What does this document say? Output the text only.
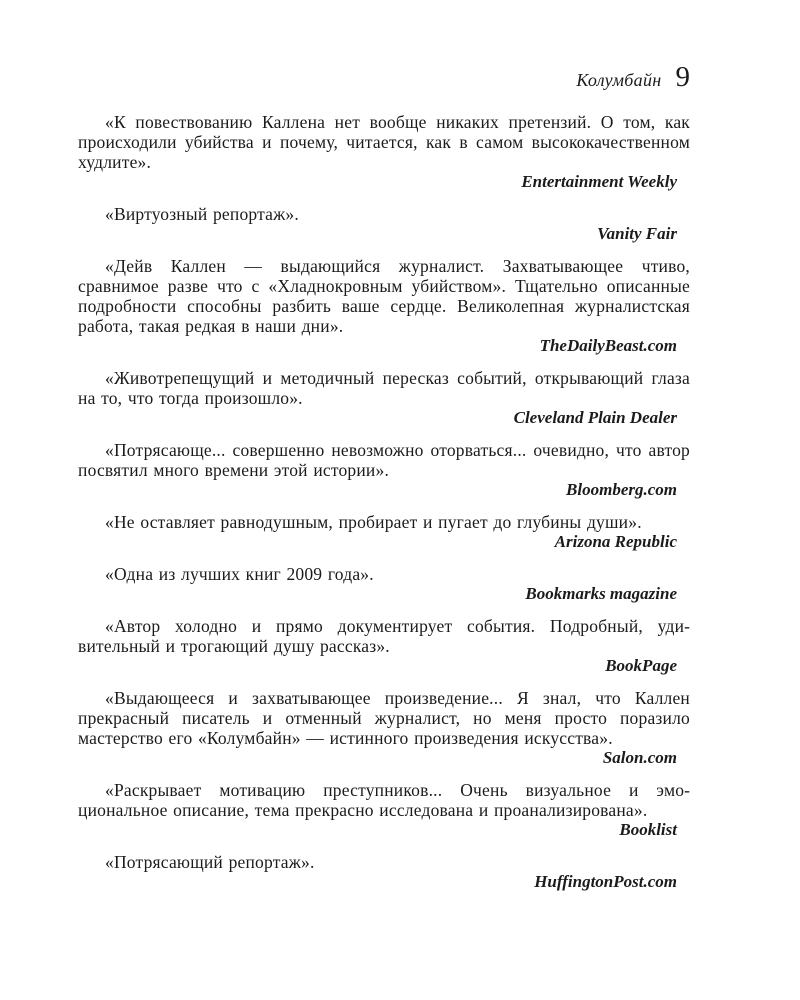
Колумбайн 9

«К повествованию Каллена нет вообще никаких претензий. О том, как происходили убийства и почему, читается, как в самом высококачественном худлите».

Entertainment Weekly

«Виртуозный репортаж».

Vanity Fair

«Дейв Каллен — выдающийся журналист. Захватывающее чтиво, сравнимое разве что с «Хладнокровным убийством». Тщательно описанные подробности способны разбить ваше сердце. Великолепная журналистская работа, такая редкая в наши дни».

TheDailyBeast.com

«Животрепещущий и методичный пересказ событий, открывающий глаза на то, что тогда произошло».

Cleveland Plain Dealer

«Потрясающе... совершенно невозможно оторваться... очевидно, что автор посвятил много времени этой истории».

Bloomberg.com

«Не оставляет равнодушным, пробирает и пугает до глубины души».

Arizona Republic

«Одна из лучших книг 2009 года».

Bookmarks magazine

«Автор холодно и прямо документирует события. Подробный, удивительный и трогающий душу рассказ».

BookPage

«Выдающееся и захватывающее произведение... Я знал, что Каллен прекрасный писатель и отменный журналист, но меня просто поразило мастерство его «Колумбайн» — истинного произведения искусства».

Salon.com

«Раскрывает мотивацию преступников... Очень визуальное и эмоциональное описание, тема прекрасно исследована и проанализирована».

Booklist

«Потрясающий репортаж».

HuffingtonPost.com
